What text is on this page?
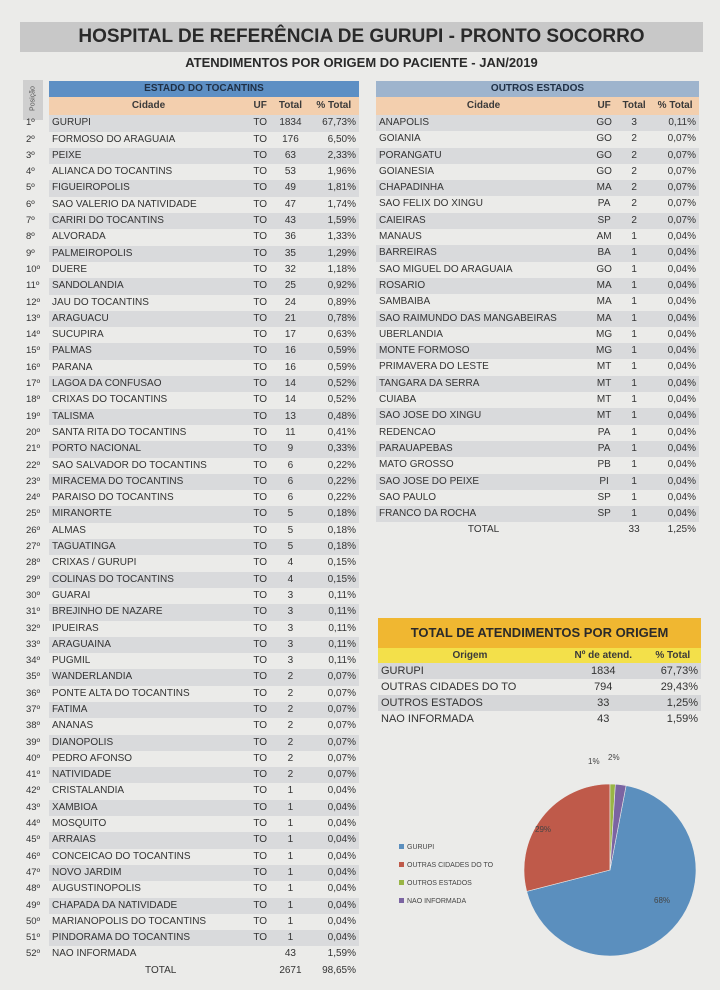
HOSPITAL DE REFERÊNCIA DE GURUPI - PRONTO SOCORRO
ATENDIMENTOS POR ORIGEM DO PACIENTE - JAN/2019
Posição
		ESTADO DO TOCANTINS			
	Cidade	UF	Total	% Total
1º	GURUPI	TO	1834	67,73%
2º	FORMOSO DO ARAGUAIA	TO	176	6,50%
3º	PEIXE	TO	63	2,33%
4º	ALIANCA DO TOCANTINS	TO	53	1,96%
5º	FIGUEIROPOLIS	TO	49	1,81%
6º	SAO VALERIO DA NATIVIDADE	TO	47	1,74%
7º	CARIRI DO TOCANTINS	TO	43	1,59%
8º	ALVORADA	TO	36	1,33%
9º	PALMEIROPOLIS	TO	35	1,29%
10º	DUERE	TO	32	1,18%
11º	SANDOLANDIA	TO	25	0,92%
12º	JAU DO TOCANTINS	TO	24	0,89%
13º	ARAGUACU	TO	21	0,78%
14º	SUCUPIRA	TO	17	0,63%
15º	PALMAS	TO	16	0,59%
16º	PARANA	TO	16	0,59%
17º	LAGOA DA CONFUSAO	TO	14	0,52%
18º	CRIXAS DO TOCANTINS	TO	14	0,52%
19º	TALISMA	TO	13	0,48%
20º	SANTA RITA DO TOCANTINS	TO	11	0,41%
21º	PORTO NACIONAL	TO	9	0,33%
22º	SAO SALVADOR DO TOCANTINS	TO	6	0,22%
23º	MIRACEMA DO TOCANTINS	TO	6	0,22%
24º	PARAISO DO TOCANTINS	TO	6	0,22%
25º	MIRANORTE	TO	5	0,18%
26º	ALMAS	TO	5	0,18%
27º	TAGUATINGA	TO	5	0,18%
28º	CRIXAS / GURUPI	TO	4	0,15%
29º	COLINAS DO TOCANTINS	TO	4	0,15%
30º	GUARAI	TO	3	0,11%
31º	BREJINHO DE NAZARE	TO	3	0,11%
32º	IPUEIRAS	TO	3	0,11%
33º	ARAGUAINA	TO	3	0,11%
34º	PUGMIL	TO	3	0,11%
35º	WANDERLANDIA	TO	2	0,07%
36º	PONTE ALTA DO TOCANTINS	TO	2	0,07%
37º	FATIMA	TO	2	0,07%
38º	ANANAS	TO	2	0,07%
39º	DIANOPOLIS	TO	2	0,07%
40º	PEDRO AFONSO	TO	2	0,07%
41º	NATIVIDADE	TO	2	0,07%
42º	CRISTALANDIA	TO	1	0,04%
43º	XAMBIOA	TO	1	0,04%
44º	MOSQUITO	TO	1	0,04%
45º	ARRAIAS	TO	1	0,04%
46º	CONCEICAO DO TOCANTINS	TO	1	0,04%
47º	NOVO JARDIM	TO	1	0,04%
48º	AUGUSTINOPOLIS	TO	1	0,04%
49º	CHAPADA DA NATIVIDADE	TO	1	0,04%
50º	MARIANOPOLIS DO TOCANTINS	TO	1	0,04%
51º	PINDORAMA DO TOCANTINS	TO	1	0,04%
52º	NAO INFORMADA		43	1,59%
	TOTAL		2671	98,65%
OUTROS ESTADOS			
Cidade	UF	Total	% Total
ANAPOLIS	GO	3	0,11%
GOIANIA	GO	2	0,07%
PORANGATU	GO	2	0,07%
GOIANESIA	GO	2	0,07%
CHAPADINHA	MA	2	0,07%
SAO FELIX DO XINGU	PA	2	0,07%
CAIEIRAS	SP	2	0,07%
MANAUS	AM	1	0,04%
BARREIRAS	BA	1	0,04%
SAO MIGUEL DO ARAGUAIA	GO	1	0,04%
ROSARIO	MA	1	0,04%
SAMBAIBA	MA	1	0,04%
SAO RAIMUNDO DAS MANGABEIRAS	MA	1	0,04%
UBERLANDIA	MG	1	0,04%
MONTE FORMOSO	MG	1	0,04%
PRIMAVERA DO LESTE	MT	1	0,04%
TANGARA DA SERRA	MT	1	0,04%
CUIABA	MT	1	0,04%
SAO JOSE DO XINGU	MT	1	0,04%
REDENCAO	PA	1	0,04%
PARAUAPEBAS	PA	1	0,04%
MATO GROSSO	PB	1	0,04%
SAO JOSE DO PEIXE	PI	1	0,04%
SAO PAULO	SP	1	0,04%
FRANCO DA ROCHA	SP	1	0,04%
TOTAL		33	1,25%
TOTAL DE ATENDIMENTOS POR ORIGEM
Origem	Nº de atend.	% Total
GURUPI	1834	67,73%
OUTRAS CIDADES DO TO	794	29,43%
OUTROS ESTADOS	33	1,25%
NAO INFORMADA	43	1,59%
68%
29%
1% 2%
GURUPI
OUTRAS CIDADES DO TO
OUTROS ESTADOS
NAO INFORMADA
